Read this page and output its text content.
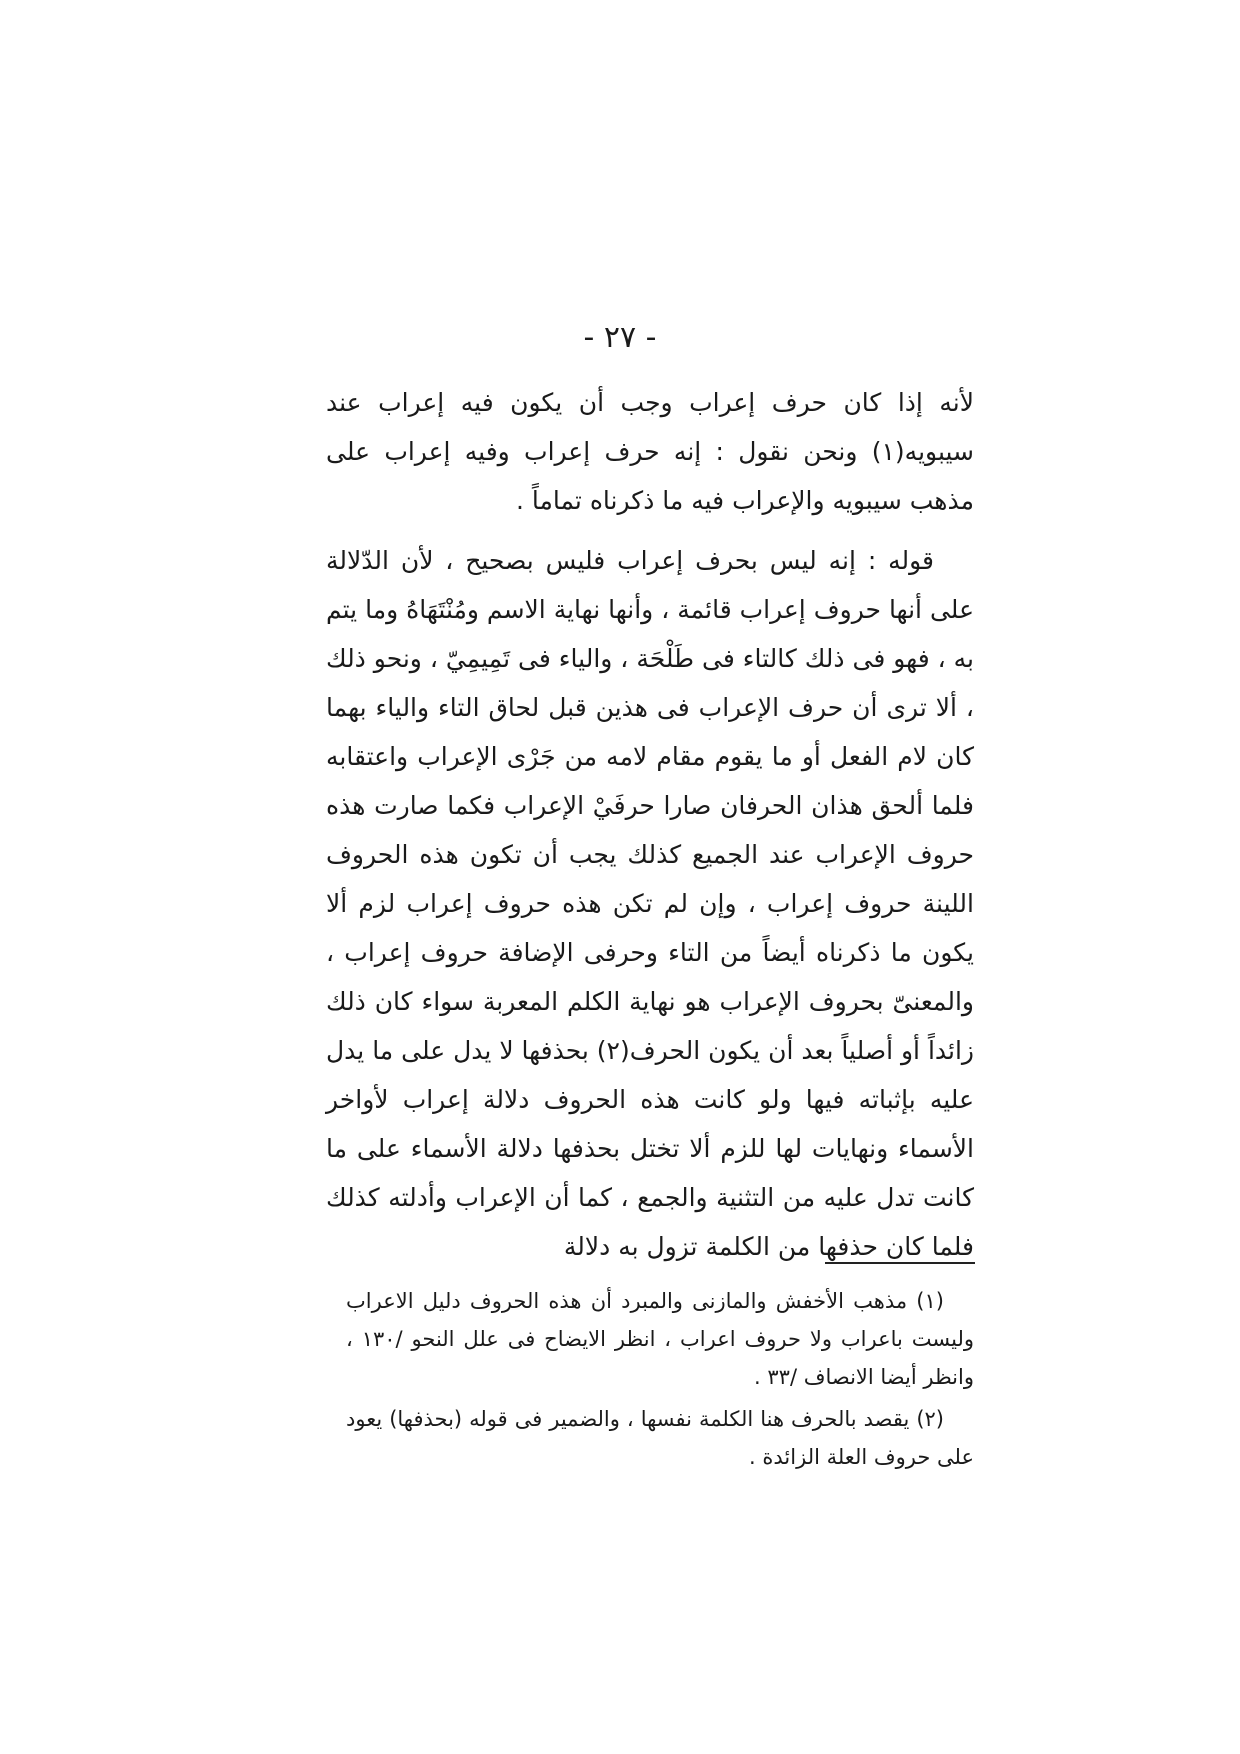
- ٢٧ -
لأنه إذا كان حرف إعراب وجب أن يكون فيه إعراب عند سيبويه(١) ونحن نقول : إنه حرف إعراب وفيه إعراب على مذهب سيبويه والإعراب فيه ما ذكرناه تماماً .
قوله : إنه ليس بحرف إعراب فليس بصحيح ، لأن الدّلالة على أنها حروف إعراب قائمة ، وأنها نهاية الاسم ومُنْتَهَاهُ وما يتم به ، فهو فى ذلك كالتاء فى طَلْحَة ، والياء فى تَمِيمِيّ ، ونحو ذلك ، ألا ترى أن حرف الإعراب فى هذين قبل لحاق التاء والياء بهما كان لام الفعل أو ما يقوم مقام لامه من جَرْى الإعراب واعتقابه فلما ألحق هذان الحرفان صارا حرفَيْ الإعراب فكما صارت هذه حروف الإعراب عند الجميع كذلك يجب أن تكون هذه الحروف اللينة حروف إعراب ، وإن لم تكن هذه حروف إعراب لزم ألا يكون ما ذكرناه أيضاً من التاء وحرفى الإضافة حروف إعراب ، والمعنىّ بحروف الإعراب هو نهاية الكلم المعربة سواء كان ذلك زائداً أو أصلياً بعد أن يكون الحرف(٢) بحذفها لا يدل على ما يدل عليه بإثباته فيها ولو كانت هذه الحروف دلالة إعراب لأواخر الأسماء ونهايات لها للزم ألا تختل بحذفها دلالة الأسماء على ما كانت تدل عليه من التثنية والجمع ، كما أن الإعراب وأدلته كذلك فلما كان حذفها من الكلمة تزول به دلالة
(١) مذهب الأخفش والمازنى والمبرد أن هذه الحروف دليل الاعراب وليست باعراب ولا حروف اعراب ، انظر الايضاح فى علل النحو /١٣٠ ، وانظر أيضا الانصاف /٣٣ .
(٢) يقصد بالحرف هنا الكلمة نفسها ، والضمير فى قوله (بحذفها) يعود على حروف العلة الزائدة .
